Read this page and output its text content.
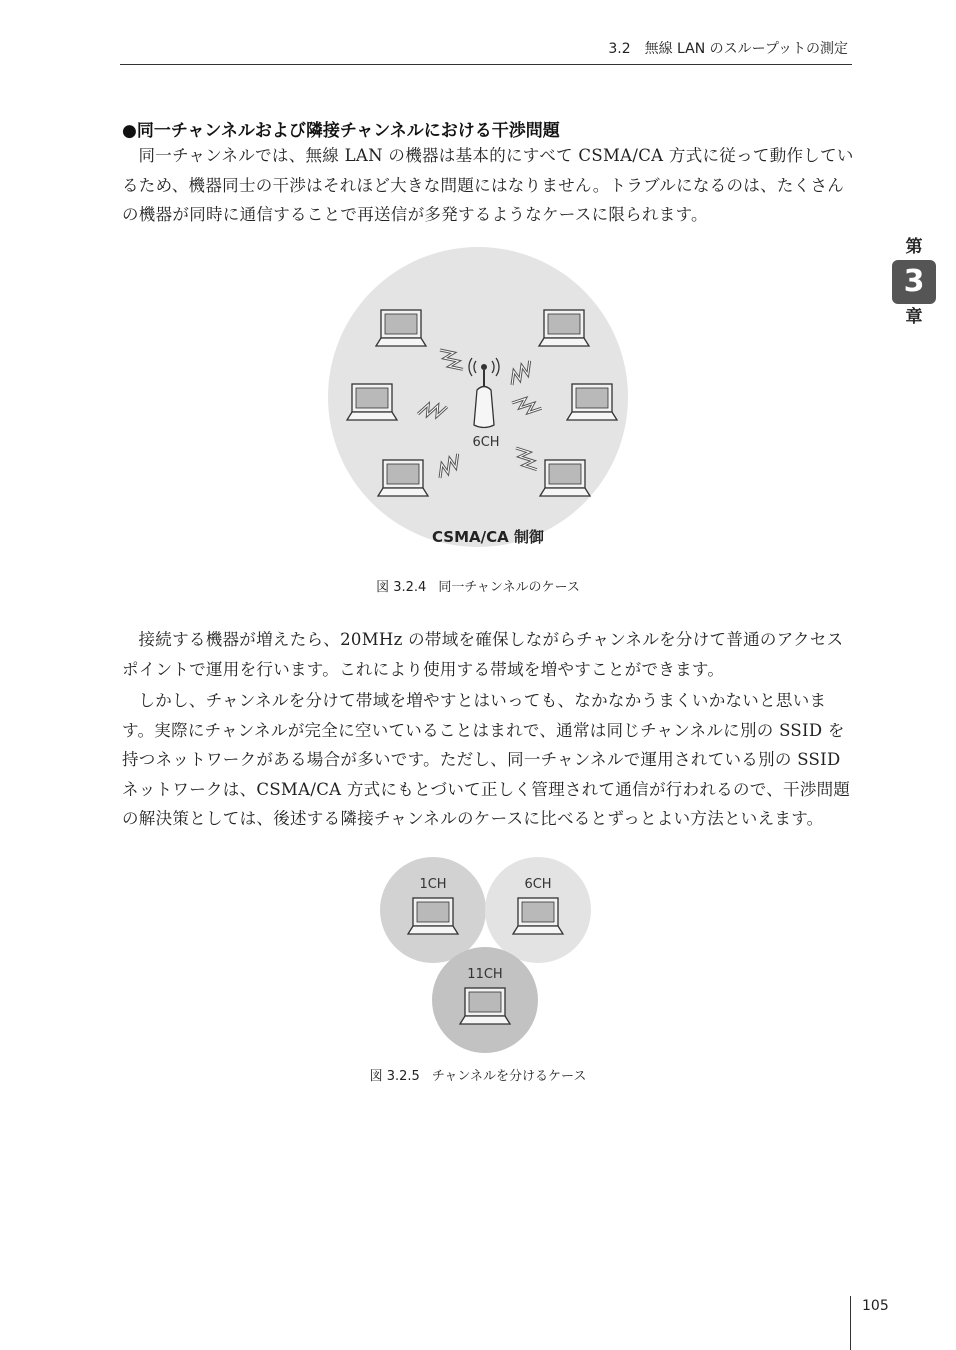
3.2　無線 LAN のスループットの測定
第
3
章
●同一チャンネルおよび隣接チャンネルにおける干渉問題

同一チャンネルでは、無線 LAN の機器は基本的にすべて CSMA/CA 方式に従って動作しているため、機器同士の干渉はそれほど大きな問題にはなりません。トラブルになるのは、たくさんの機器が同時に通信することで再送信が多発するようなケースに限られます。

6CH
CSMA/CA 制御
図 3.2.4 同一チャンネルのケース

接続する機器が増えたら、20MHz の帯域を確保しながらチャンネルを分けて普通のアクセスポイントで運用を行います。これにより使用する帯域を増やすことができます。

しかし、チャンネルを分けて帯域を増やすとはいっても、なかなかうまくいかないと思います。実際にチャンネルが完全に空いていることはまれで、通常は同じチャンネルに別の SSID を持つネットワークがある場合が多いです。ただし、同一チャンネルで運用されている別の SSID ネットワークは、CSMA/CA 方式にもとづいて正しく管理されて通信が行われるので、干渉問題の解決策としては、後述する隣接チャンネルのケースに比べるとずっとよい方法といえます。

1CH	6CH
11CH
図 3.2.5 チャンネルを分けるケース
105
